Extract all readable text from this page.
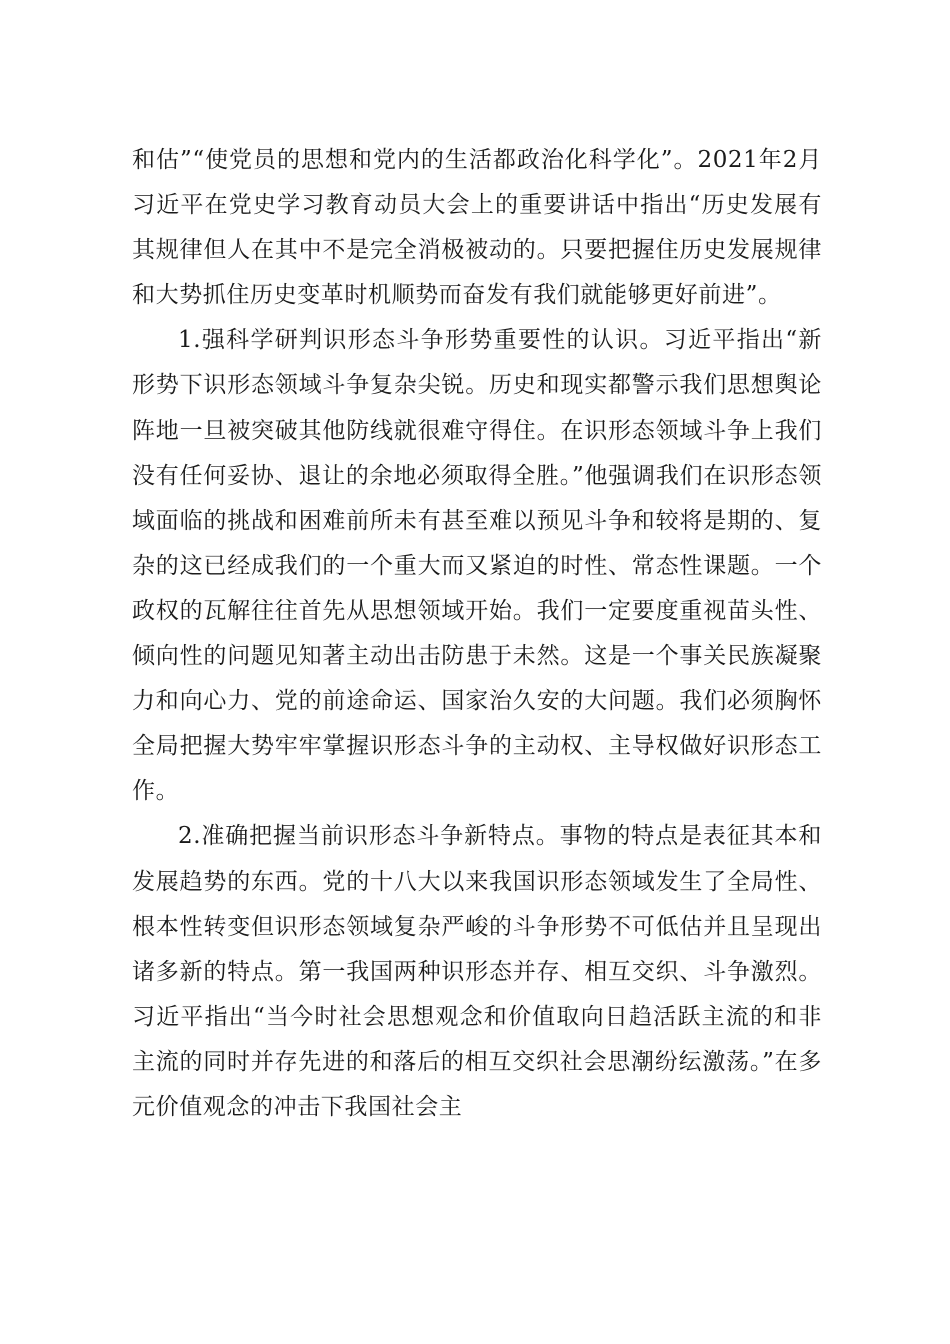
和估”“使党员的思想和党内的生活都政治化科学化”。2021年2月习近平在党史学习教育动员大会上的重要讲话中指出“历史发展有其规律但人在其中不是完全消极被动的。只要把握住历史发展规律和大势抓住历史变革时机顺势而奋发有我们就能够更好前进”。

1.强科学研判识形态斗争形势重要性的认识。习近平指出“新形势下识形态领域斗争复杂尖锐。历史和现实都警示我们思想舆论阵地一旦被突破其他防线就很难守得住。在识形态领域斗争上我们没有任何妥协、退让的余地必须取得全胜。”他强调我们在识形态领域面临的挑战和困难前所未有甚至难以预见斗争和较将是期的、复杂的这已经成我们的一个重大而又紧迫的时性、常态性课题。一个政权的瓦解往往首先从思想领域开始。我们一定要度重视苗头性、倾向性的问题见知著主动出击防患于未然。这是一个事关民族凝聚力和向心力、党的前途命运、国家治久安的大问题。我们必须胸怀全局把握大势牢牢掌握识形态斗争的主动权、主导权做好识形态工作。

2.准确把握当前识形态斗争新特点。事物的特点是表征其本和发展趋势的东西。党的十八大以来我国识形态领域发生了全局性、根本性转变但识形态领域复杂严峻的斗争形势不可低估并且呈现出诸多新的特点。第一我国两种识形态并存、相互交织、斗争激烈。习近平指出“当今时社会思想观念和价值取向日趋活跃主流的和非主流的同时并存先进的和落后的相互交织社会思潮纷纭激荡。”在多元价值观念的冲击下我国社会主
